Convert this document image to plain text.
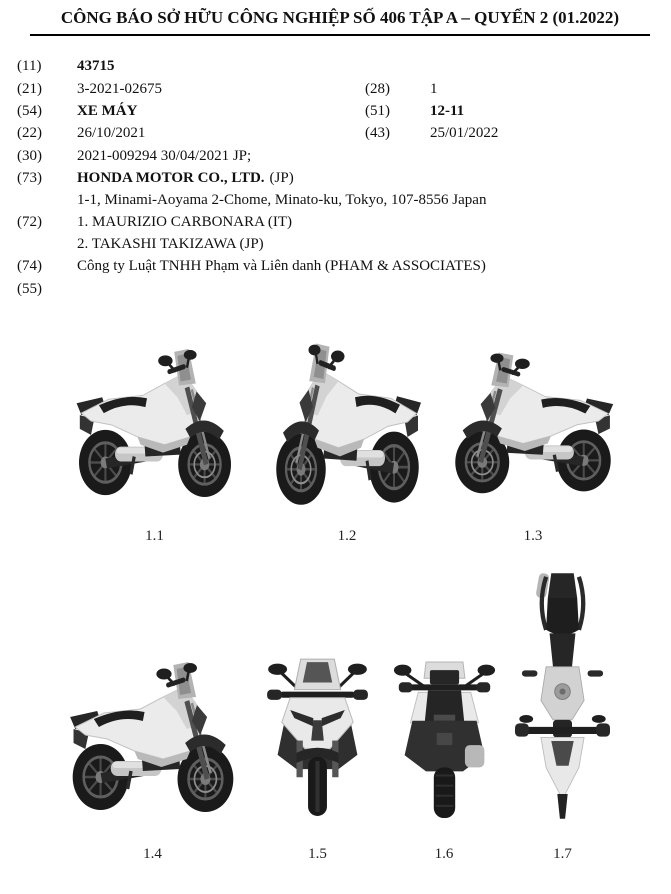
CÔNG BÁO SỞ HỮU CÔNG NGHIỆP SỐ 406 TẬP A – QUYỂN 2 (01.2022)
(11)	43715
(21)	3-2021-02675	(28)	1
(54)	XE MÁY	(51)	12-11
(22)	26/10/2021	(43)	25/01/2022
(30)	2021-009294 30/04/2021 JP;
(73)	HONDA MOTOR CO., LTD. (JP)
1-1, Minami-Aoyama 2-Chome, Minato-ku, Tokyo, 107-8556 Japan
(72)	1. MAURIZIO CARBONARA (IT)
2. TAKASHI TAKIZAWA (JP)
(74)	Công ty Luật TNHH Phạm và Liên danh (PHAM & ASSOCIATES)
(55)
1.1	1.2	1.3
1.4	1.5	1.6	1.7
